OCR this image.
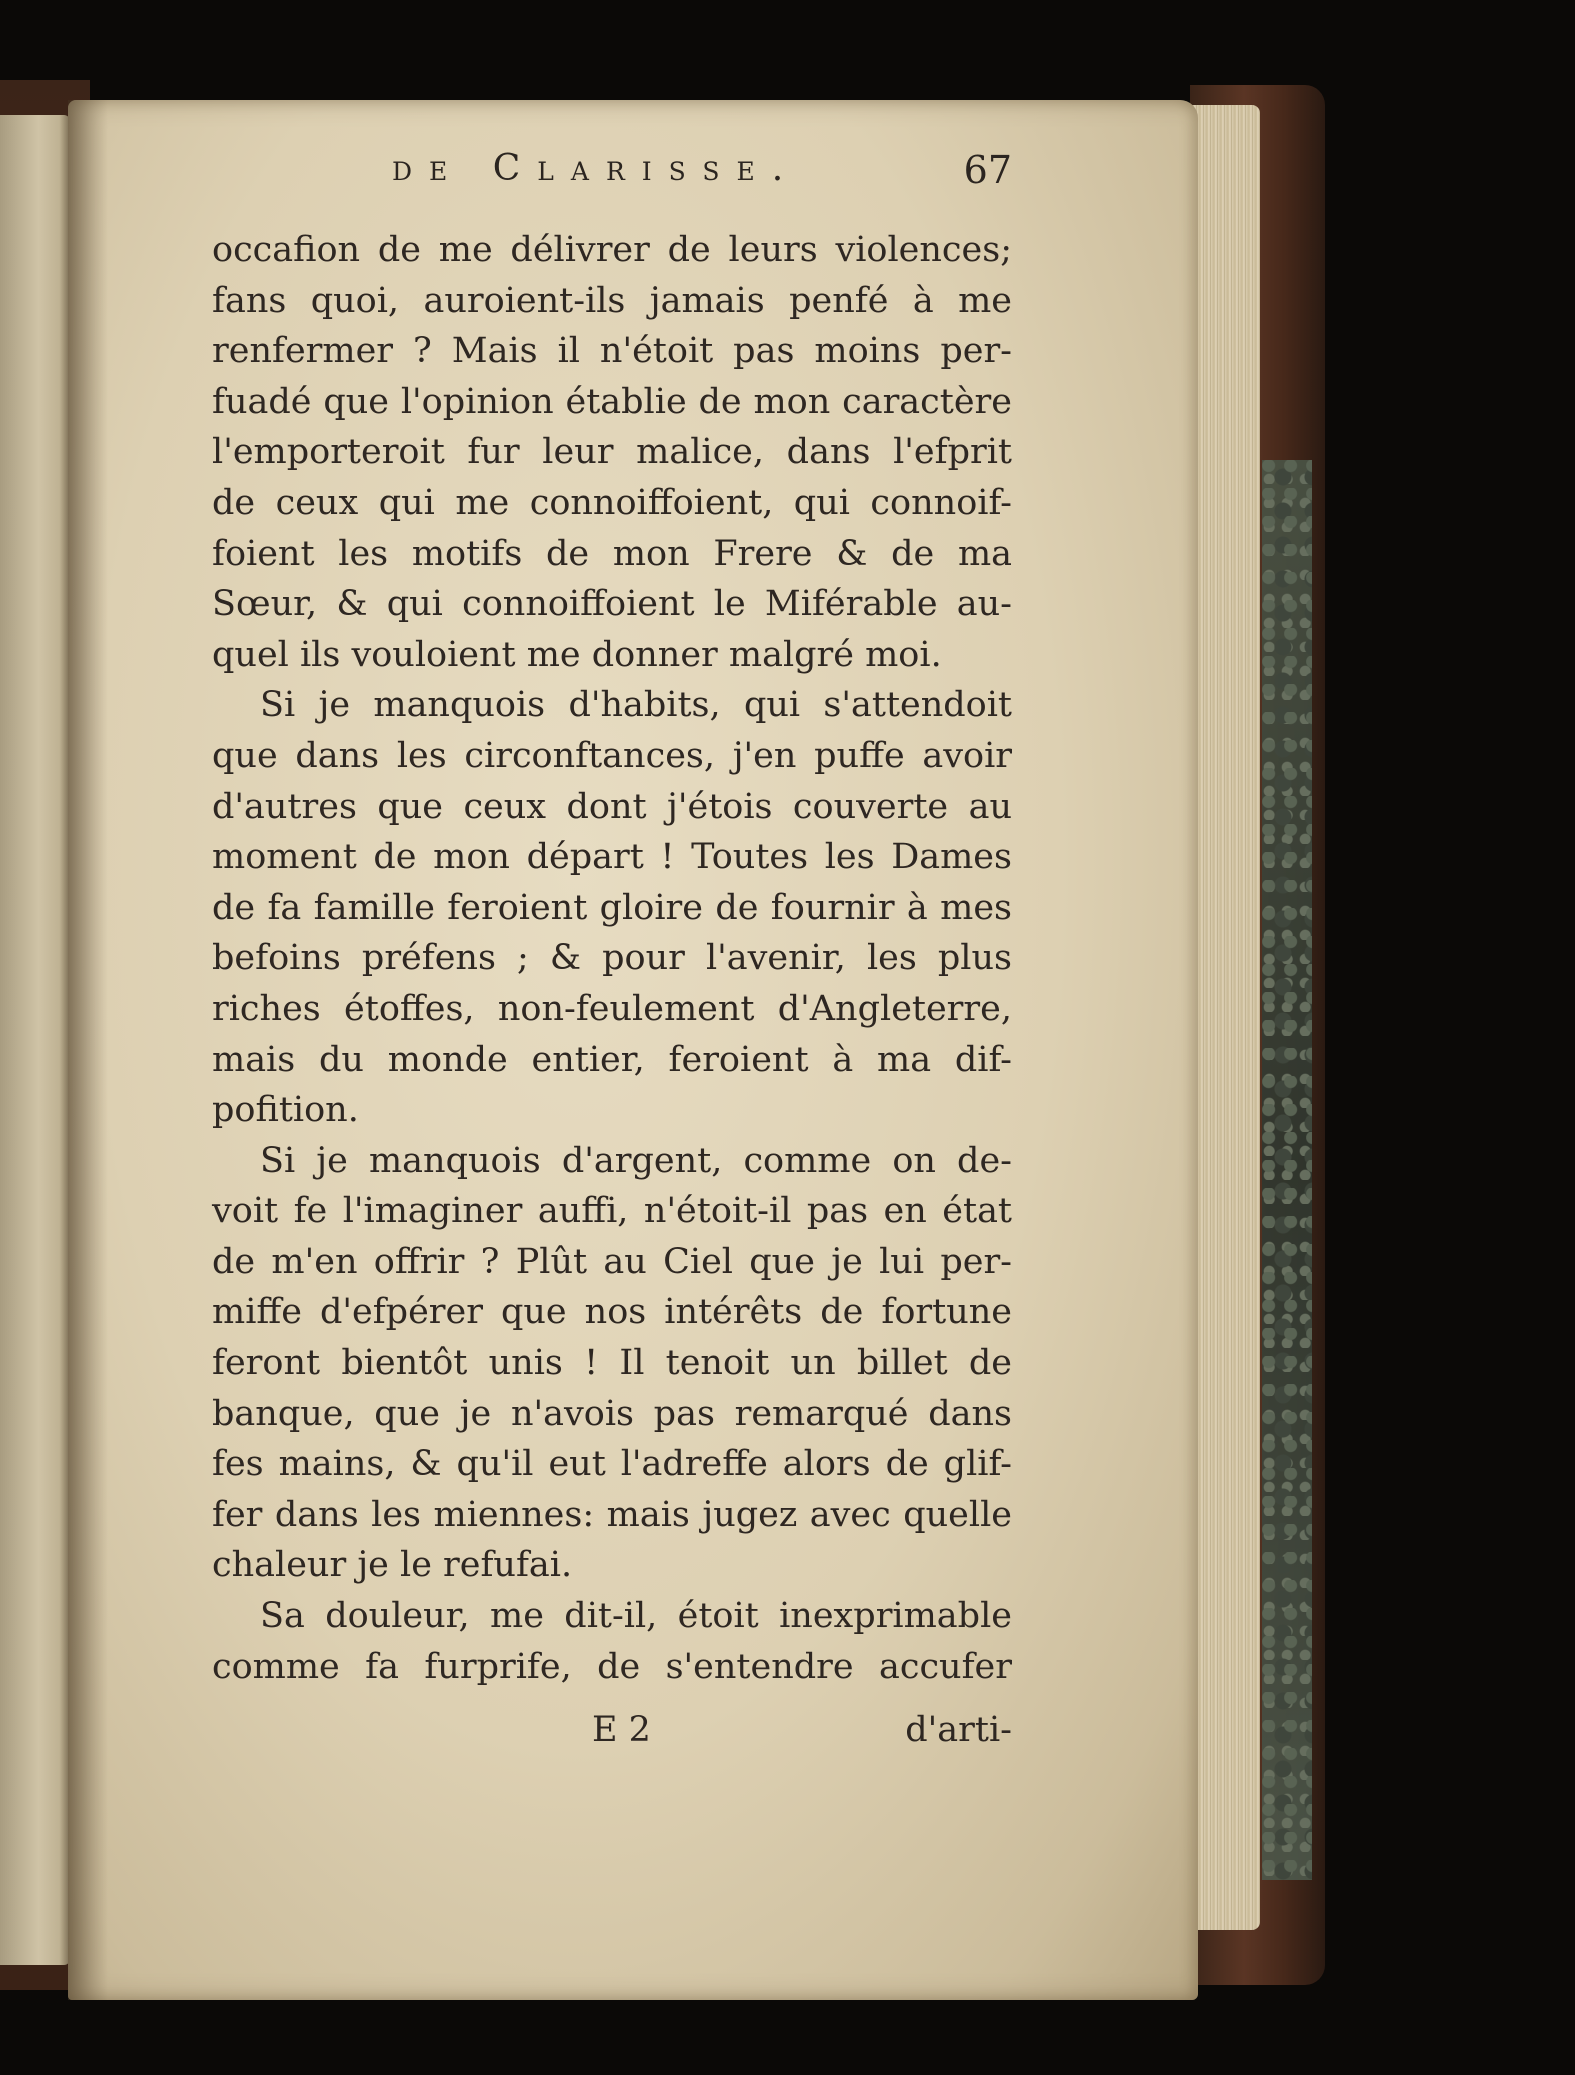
de Clarisse.	67
occafion de me délivrer de leurs violences;
fans quoi, auroient-ils jamais penfé à me
renfermer ? Mais il n'étoit pas moins per-
fuadé que l'opinion établie de mon caractère
l'emporteroit fur leur malice, dans l'efprit
de ceux qui me connoiffoient, qui connoif-
foient les motifs de mon Frere & de ma
Sœur, & qui connoiffoient le Miférable au-
quel ils vouloient me donner malgré moi.
Si je manquois d'habits, qui s'attendoit
que dans les circonftances, j'en puffe avoir
d'autres que ceux dont j'étois couverte au
moment de mon départ ! Toutes les Dames
de fa famille feroient gloire de fournir à mes
befoins préfens ; & pour l'avenir, les plus
riches étoffes, non-feulement d'Angleterre,
mais du monde entier, feroient à ma dif-
pofition.
Si je manquois d'argent, comme on de-
voit fe l'imaginer auffi, n'étoit-il pas en état
de m'en offrir ? Plût au Ciel que je lui per-
miffe d'efpérer que nos intérêts de fortune
feront bientôt unis ! Il tenoit un billet de
banque, que je n'avois pas remarqué dans
fes mains, & qu'il eut l'adreffe alors de glif-
fer dans les miennes: mais jugez avec quelle
chaleur je le refufai.
Sa douleur, me dit-il, étoit inexprimable
comme fa furprife, de s'entendre accufer
E 2	d'arti-
